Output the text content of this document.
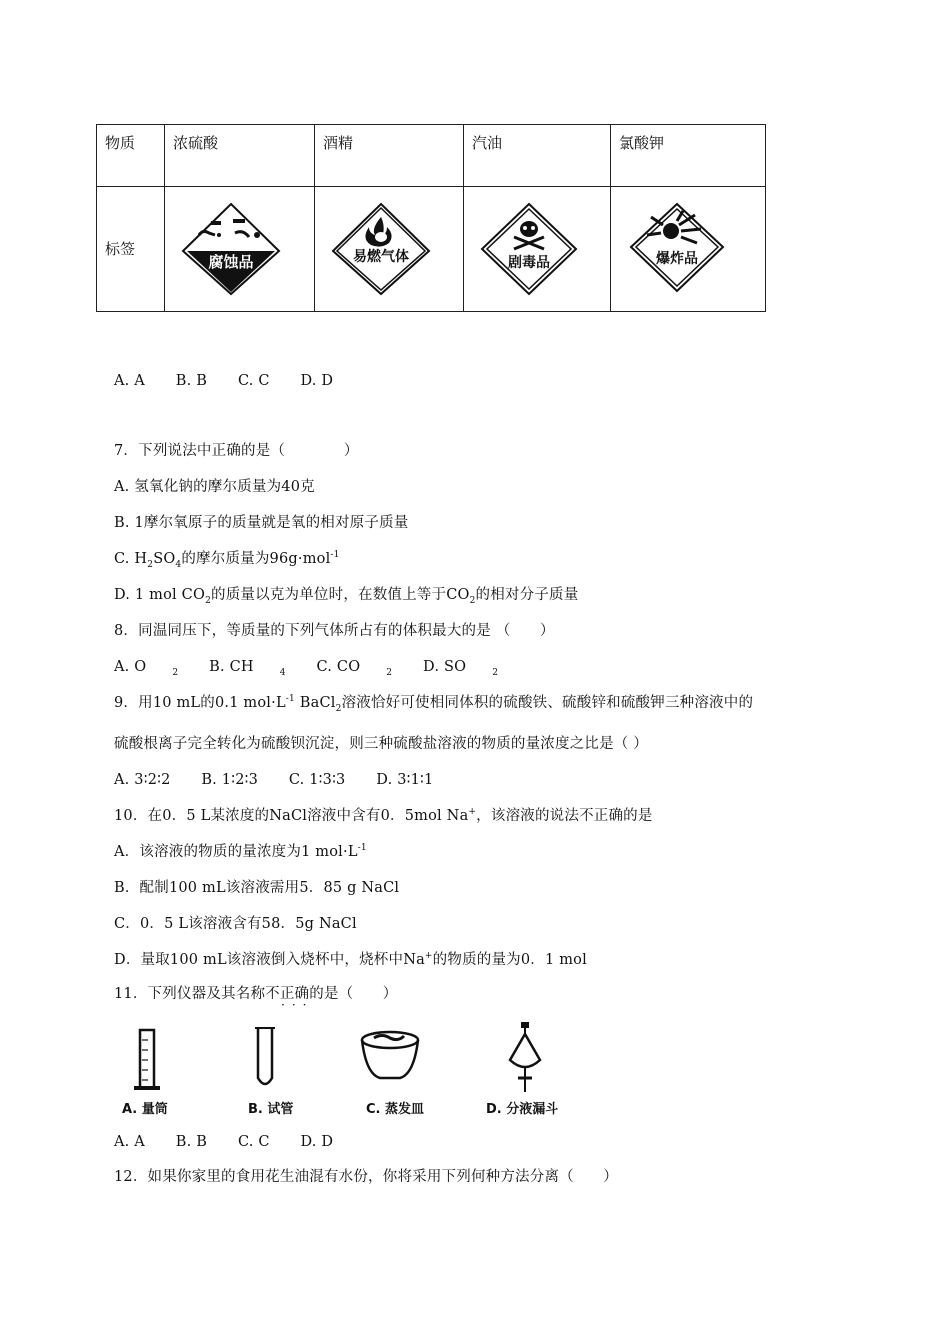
物质	浓硫酸	酒精	汽油	氯酸钾
标签	腐蚀品	易燃气体	剧毒品	爆炸品
A. A B. B C. C D. D
7．下列说法中正确的是（　　　　）
A. 氢氧化钠的摩尔质量为40克
B. 1摩尔氧原子的质量就是氧的相对原子质量
C. $H_2SO_4$的摩尔质量为96g·mol$^{-1}$
D. 1 mol $CO_2$的质量以克为单位时，在数值上等于$CO_2$的相对分子质量
8．同温同压下，等质量的下列气体所占有的体积最大的是 （　　）
A. O	$_2$ B. CH	$_4$ C. CO	$_2$ D. SO	$_2$
9．用10 mL的0.1 $mol\cdot L^{-1}$ BaCl$_2$溶液恰好可使相同体积的硫酸铁、硫酸锌和硫酸钾三种溶液中的
硫酸根离子完全转化为硫酸钡沉淀，则三种硫酸盐溶液的物质的量浓度之比是（ ）
A. 3∶2∶2 B. 1∶2∶3 C. 1∶3∶3 D. 3∶1∶1
10．在0．5 L某浓度的NaCl溶液中含有0．5mol Na+，该溶液的说法不正确的是
A．该溶液的物质的量浓度为1 $mol\cdot L^{-1}$
B．配制100 mL该溶液需用5．85 g NaCl
C．0．5 L该溶液含有58．5g NaCl
D．量取100 mL该溶液倒入烧杯中，烧杯中Na+的物质的量为0．1 mol
11．下列仪器及其名称不正确的是（　　）
···
A. 量筒	B. 试管	C. 蒸发皿	D. 分液漏斗
A. A B. B C. C D. D
12．如果你家里的食用花生油混有水份，你将采用下列何种方法分离（　　）
